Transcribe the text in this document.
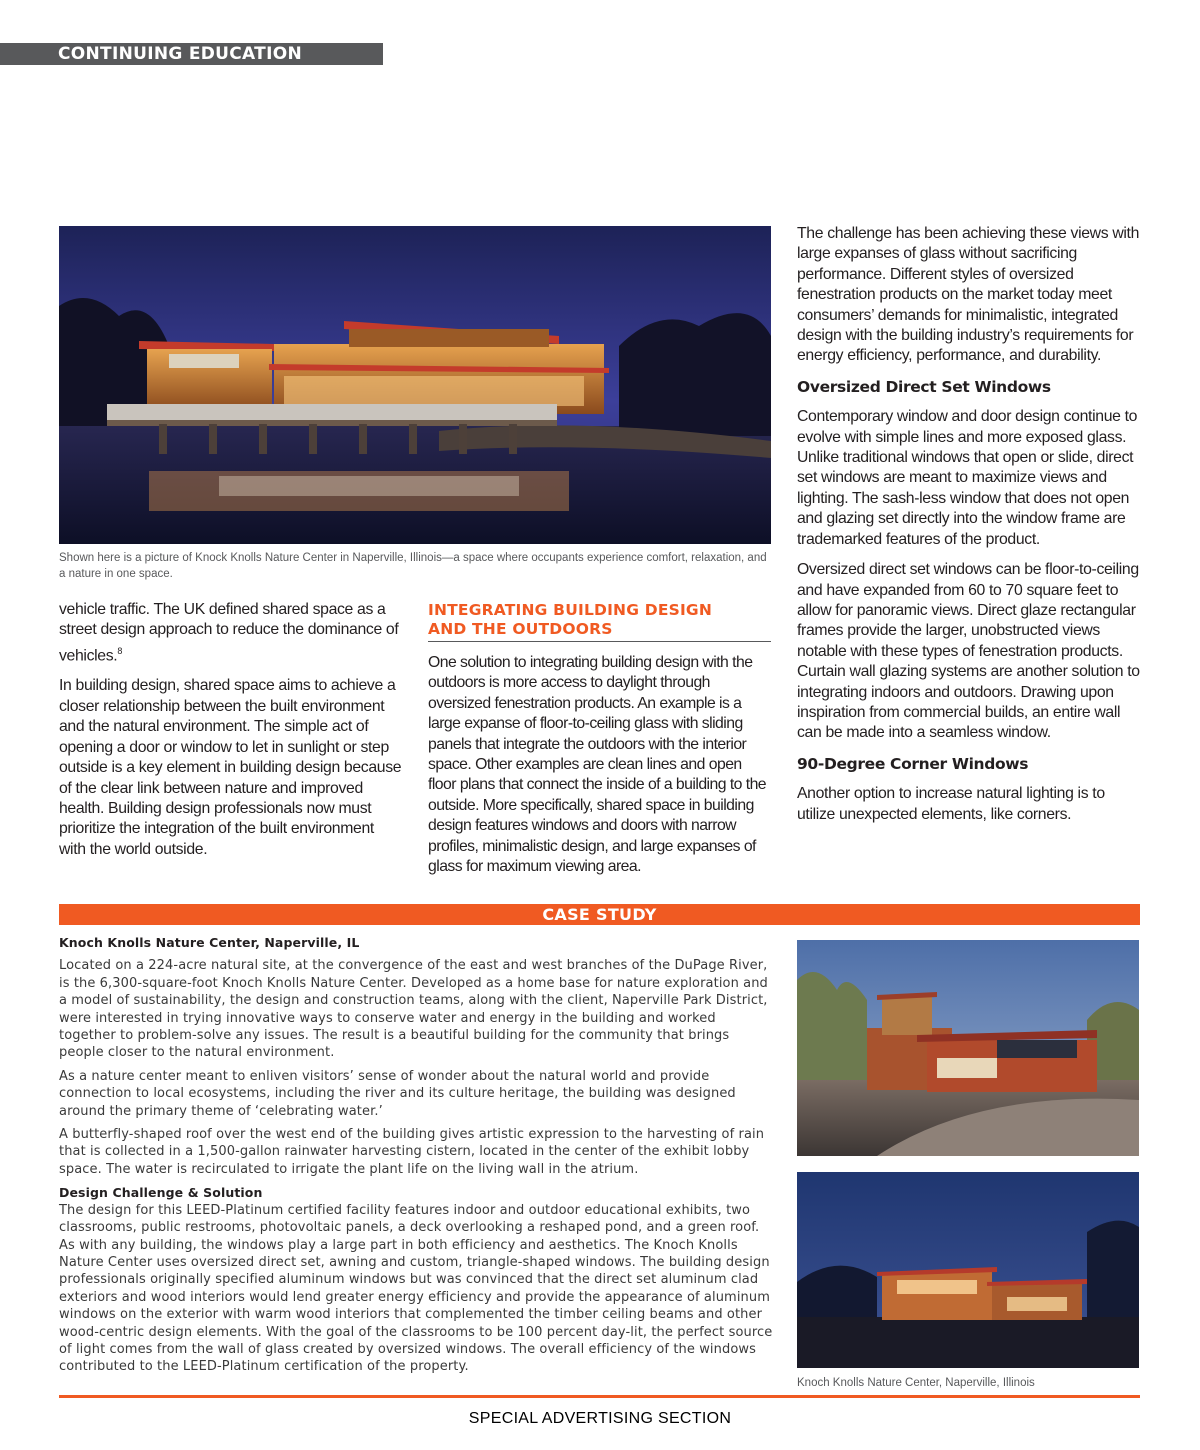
CONTINUING EDUCATION
Shown here is a picture of Knock Knolls Nature Center in Naperville, Illinois—a space where occupants experience comfort, relaxation, and a nature in one space.

vehicle traffic. The UK defined shared space as a street design approach to reduce the dominance of vehicles.$^8$

In building design, shared space aims to achieve a closer relationship between the built environment and the natural environment. The simple act of opening a door or window to let in sunlight or step outside is a key element in building design because of the clear link between nature and improved health. Building design professionals now must prioritize the integration of the built environment with the world outside.

INTEGRATING BUILDING DESIGN
AND THE OUTDOORS
One solution to integrating building design with the outdoors is more access to daylight through oversized fenestration products. An example is a large expanse of floor-to-ceiling glass with sliding panels that integrate the outdoors with the interior space. Other examples are clean lines and open floor plans that connect the inside of a building to the outside. More specifically, shared space in building design features windows and doors with narrow profiles, minimalistic design, and large expanses of glass for maximum viewing area.

The challenge has been achieving these views with large expanses of glass without sacrificing performance. Different styles of oversized fenestration products on the market today meet consumers’ demands for minimalistic, integrated design with the building industry’s requirements for energy efficiency, performance, and durability.

Oversized Direct Set Windows

Contemporary window and door design continue to evolve with simple lines and more exposed glass. Unlike traditional windows that open or slide, direct set windows are meant to maximize views and lighting. The sash-less window that does not open and glazing set directly into the window frame are trademarked features of the product.

Oversized direct set windows can be floor-to-ceiling and have expanded from 60 to 70 square feet to allow for panoramic views. Direct glaze rectangular frames provide the larger, unobstructed views notable with these types of fenestration products. Curtain wall glazing systems are another solution to integrating indoors and outdoors. Drawing upon inspiration from commercial builds, an entire wall can be made into a seamless window.

90-Degree Corner Windows

Another option to increase natural lighting is to utilize unexpected elements, like corners.

CASE STUDY
Knoch Knolls Nature Center, Naperville, IL

Located on a 224-acre natural site, at the convergence of the east and west branches of the DuPage River, is the 6,300-square-foot Knoch Knolls Nature Center. Developed as a home base for nature exploration and a model of sustainability, the design and construction teams, along with the client, Naperville Park District, were interested in trying innovative ways to conserve water and energy in the building and worked together to problem-solve any issues. The result is a beautiful building for the community that brings people closer to the natural environment.

As a nature center meant to enliven visitors’ sense of wonder about the natural world and provide connection to local ecosystems, including the river and its culture heritage, the building was designed around the primary theme of ‘celebrating water.’

A butterfly-shaped roof over the west end of the building gives artistic expression to the harvesting of rain that is collected in a 1,500-gallon rainwater harvesting cistern, located in the center of the exhibit lobby space. The water is recirculated to irrigate the plant life on the living wall in the atrium.

Design Challenge & Solution

The design for this LEED-Platinum certified facility features indoor and outdoor educational exhibits, two classrooms, public restrooms, photovoltaic panels, a deck overlooking a reshaped pond, and a green roof. As with any building, the windows play a large part in both efficiency and aesthetics. The Knoch Knolls Nature Center uses oversized direct set, awning and custom, triangle-shaped windows. The building design professionals originally specified aluminum windows but was convinced that the direct set aluminum clad exteriors and wood interiors would lend greater energy efficiency and provide the appearance of aluminum windows on the exterior with warm wood interiors that complemented the timber ceiling beams and other wood-centric design elements. With the goal of the classrooms to be 100 percent day-lit, the perfect source of light comes from the wall of glass created by oversized windows. The overall efficiency of the windows contributed to the LEED-Platinum certification of the property.

Knoch Knolls Nature Center, Naperville, Illinois
SPECIAL ADVERTISING SECTION
